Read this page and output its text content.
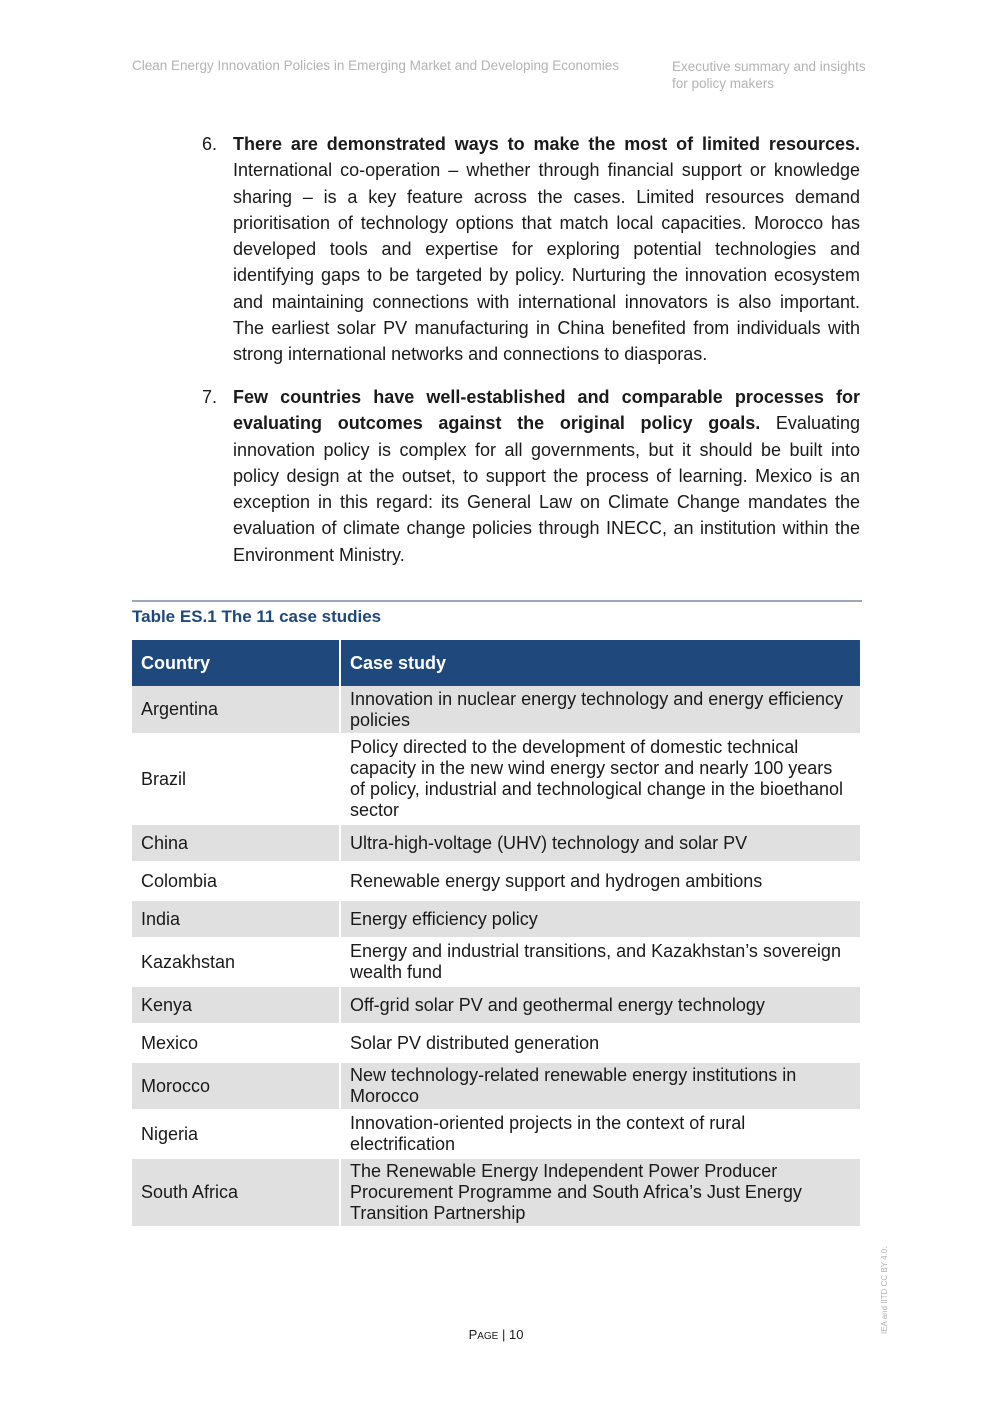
Clean Energy Innovation Policies in Emerging Market and Developing Economies	Executive summary and insights
for policy makers
6. There are demonstrated ways to make the most of limited resources. International co-operation – whether through financial support or knowledge sharing – is a key feature across the cases. Limited resources demand prioritisation of technology options that match local capacities. Morocco has developed tools and expertise for exploring potential technologies and identifying gaps to be targeted by policy. Nurturing the innovation ecosystem and maintaining connections with international innovators is also important. The earliest solar PV manufacturing in China benefited from individuals with strong international networks and connections to diasporas.
7. Few countries have well-established and comparable processes for evaluating outcomes against the original policy goals. Evaluating innovation policy is complex for all governments, but it should be built into policy design at the outset, to support the process of learning. Mexico is an exception in this regard: its General Law on Climate Change mandates the evaluation of climate change policies through INECC, an institution within the Environment Ministry.
Table ES.1 The 11 case studies
Country	Case study
Argentina	Innovation in nuclear energy technology and energy efficiency policies
Brazil	Policy directed to the development of domestic technical capacity in the new wind energy sector and nearly 100 years of policy, industrial and technological change in the bioethanol sector
China	Ultra-high-voltage (UHV) technology and solar PV
Colombia	Renewable energy support and hydrogen ambitions
India	Energy efficiency policy
Kazakhstan	Energy and industrial transitions, and Kazakhstan’s sovereign wealth fund
Kenya	Off-grid solar PV and geothermal energy technology
Mexico	Solar PV distributed generation
Morocco	New technology-related renewable energy institutions in Morocco
Nigeria	Innovation-oriented projects in the context of rural electrification
South Africa	The Renewable Energy Independent Power Producer Procurement Programme and South Africa’s Just Energy Transition Partnership
IEA and IITD CC BY 4.0.
PAGE | 10
